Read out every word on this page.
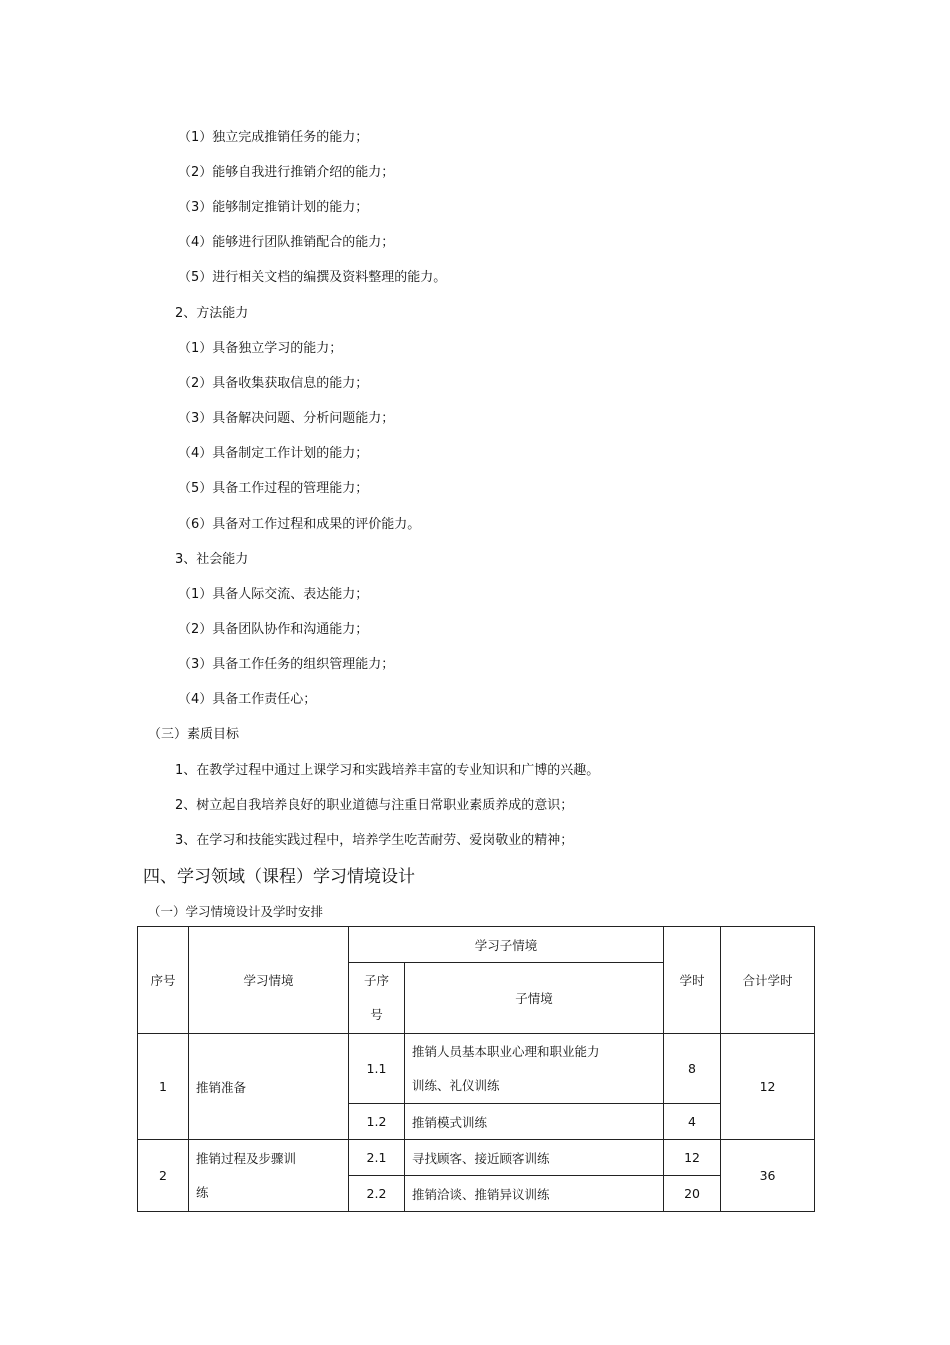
（1）独立完成推销任务的能力；
（2）能够自我进行推销介绍的能力；
（3）能够制定推销计划的能力；
（4）能够进行团队推销配合的能力；
（5）进行相关文档的编撰及资料整理的能力。
2、方法能力
（1）具备独立学习的能力；
（2）具备收集获取信息的能力；
（3）具备解决问题、分析问题能力；
（4）具备制定工作计划的能力；
（5）具备工作过程的管理能力；
（6）具备对工作过程和成果的评价能力。
3、社会能力
（1）具备人际交流、表达能力；
（2）具备团队协作和沟通能力；
（3）具备工作任务的组织管理能力；
（4）具备工作责任心；
（三）素质目标
1、在教学过程中通过上课学习和实践培养丰富的专业知识和广博的兴趣。
2、树立起自我培养良好的职业道德与注重日常职业素质养成的意识；
3、在学习和技能实践过程中，培养学生吃苦耐劳、爱岗敬业的精神；
四、学习领域（课程）学习情境设计
（一）学习情境设计及学时安排
序号	学习情境	学习子情境		学时	合计学时

		子序
号	子情境		
1	推销准备	1.1	推销人员基本职业心理和职业能力
训练、礼仪训练	8	12
		1.2	推销模式训练	4	
2	推销过程及步骤训
练	2.1	寻找顾客、接近顾客训练	12	36
		2.2	推销洽谈、推销异议训练	20	
